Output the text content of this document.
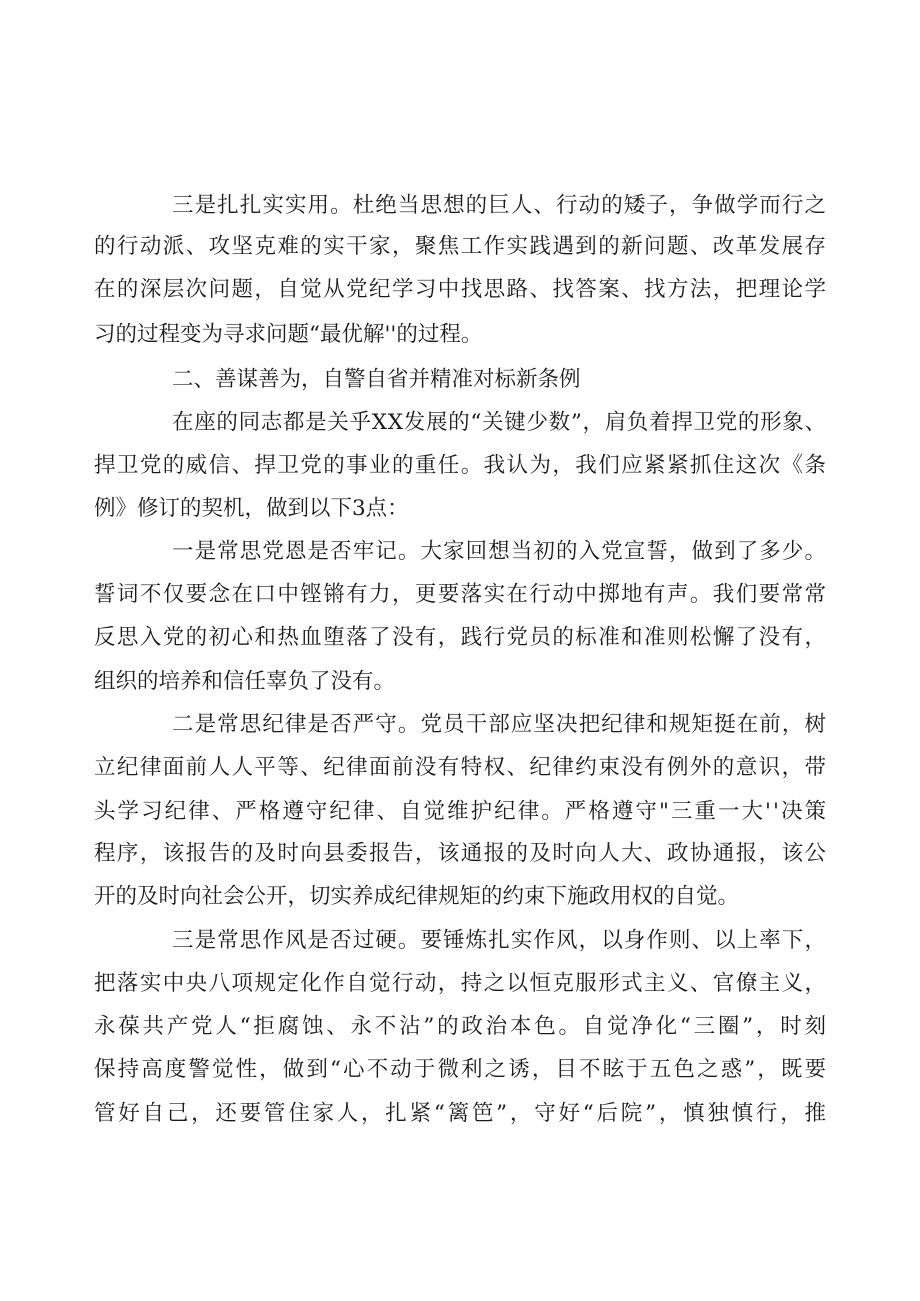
三是扎扎实实用。杜绝当思想的巨人、行动的矮子，争做学而行之
的行动派、攻坚克难的实干家，聚焦工作实践遇到的新问题、改革发展存
在的深层次问题，自觉从党纪学习中找思路、找答案、找方法，把理论学
习的过程变为寻求问题“最优解''的过程。
二、善谋善为，自警自省并精准对标新条例
在座的同志都是关乎XX发展的“关键少数”，肩负着捍卫党的形象、
捍卫党的威信、捍卫党的事业的重任。我认为，我们应紧紧抓住这次《条
例》修订的契机，做到以下3点：
一是常思党恩是否牢记。大家回想当初的入党宣誓，做到了多少。
誓词不仅要念在口中铿锵有力，更要落实在行动中掷地有声。我们要常常
反思入党的初心和热血堕落了没有，践行党员的标准和准则松懈了没有，
组织的培养和信任辜负了没有。
二是常思纪律是否严守。党员干部应坚决把纪律和规矩挺在前，树
立纪律面前人人平等、纪律面前没有特权、纪律约束没有例外的意识，带
头学习纪律、严格遵守纪律、自觉维护纪律。严格遵守"三重一大''决策
程序，该报告的及时向县委报告，该通报的及时向人大、政协通报，该公
开的及时向社会公开，切实养成纪律规矩的约束下施政用权的自觉。
三是常思作风是否过硬。要锤炼扎实作风，以身作则、以上率下，
把落实中央八项规定化作自觉行动，持之以恒克服形式主义、官僚主义，
永葆共产党人“拒腐蚀、永不沾”的政治本色。自觉净化“三圈”，时刻
保持高度警觉性，做到“心不动于微利之诱，目不眩于五色之惑”，既要
管好自己，还要管住家人，扎紧“篱笆”，守好“后院”，慎独慎行，推
